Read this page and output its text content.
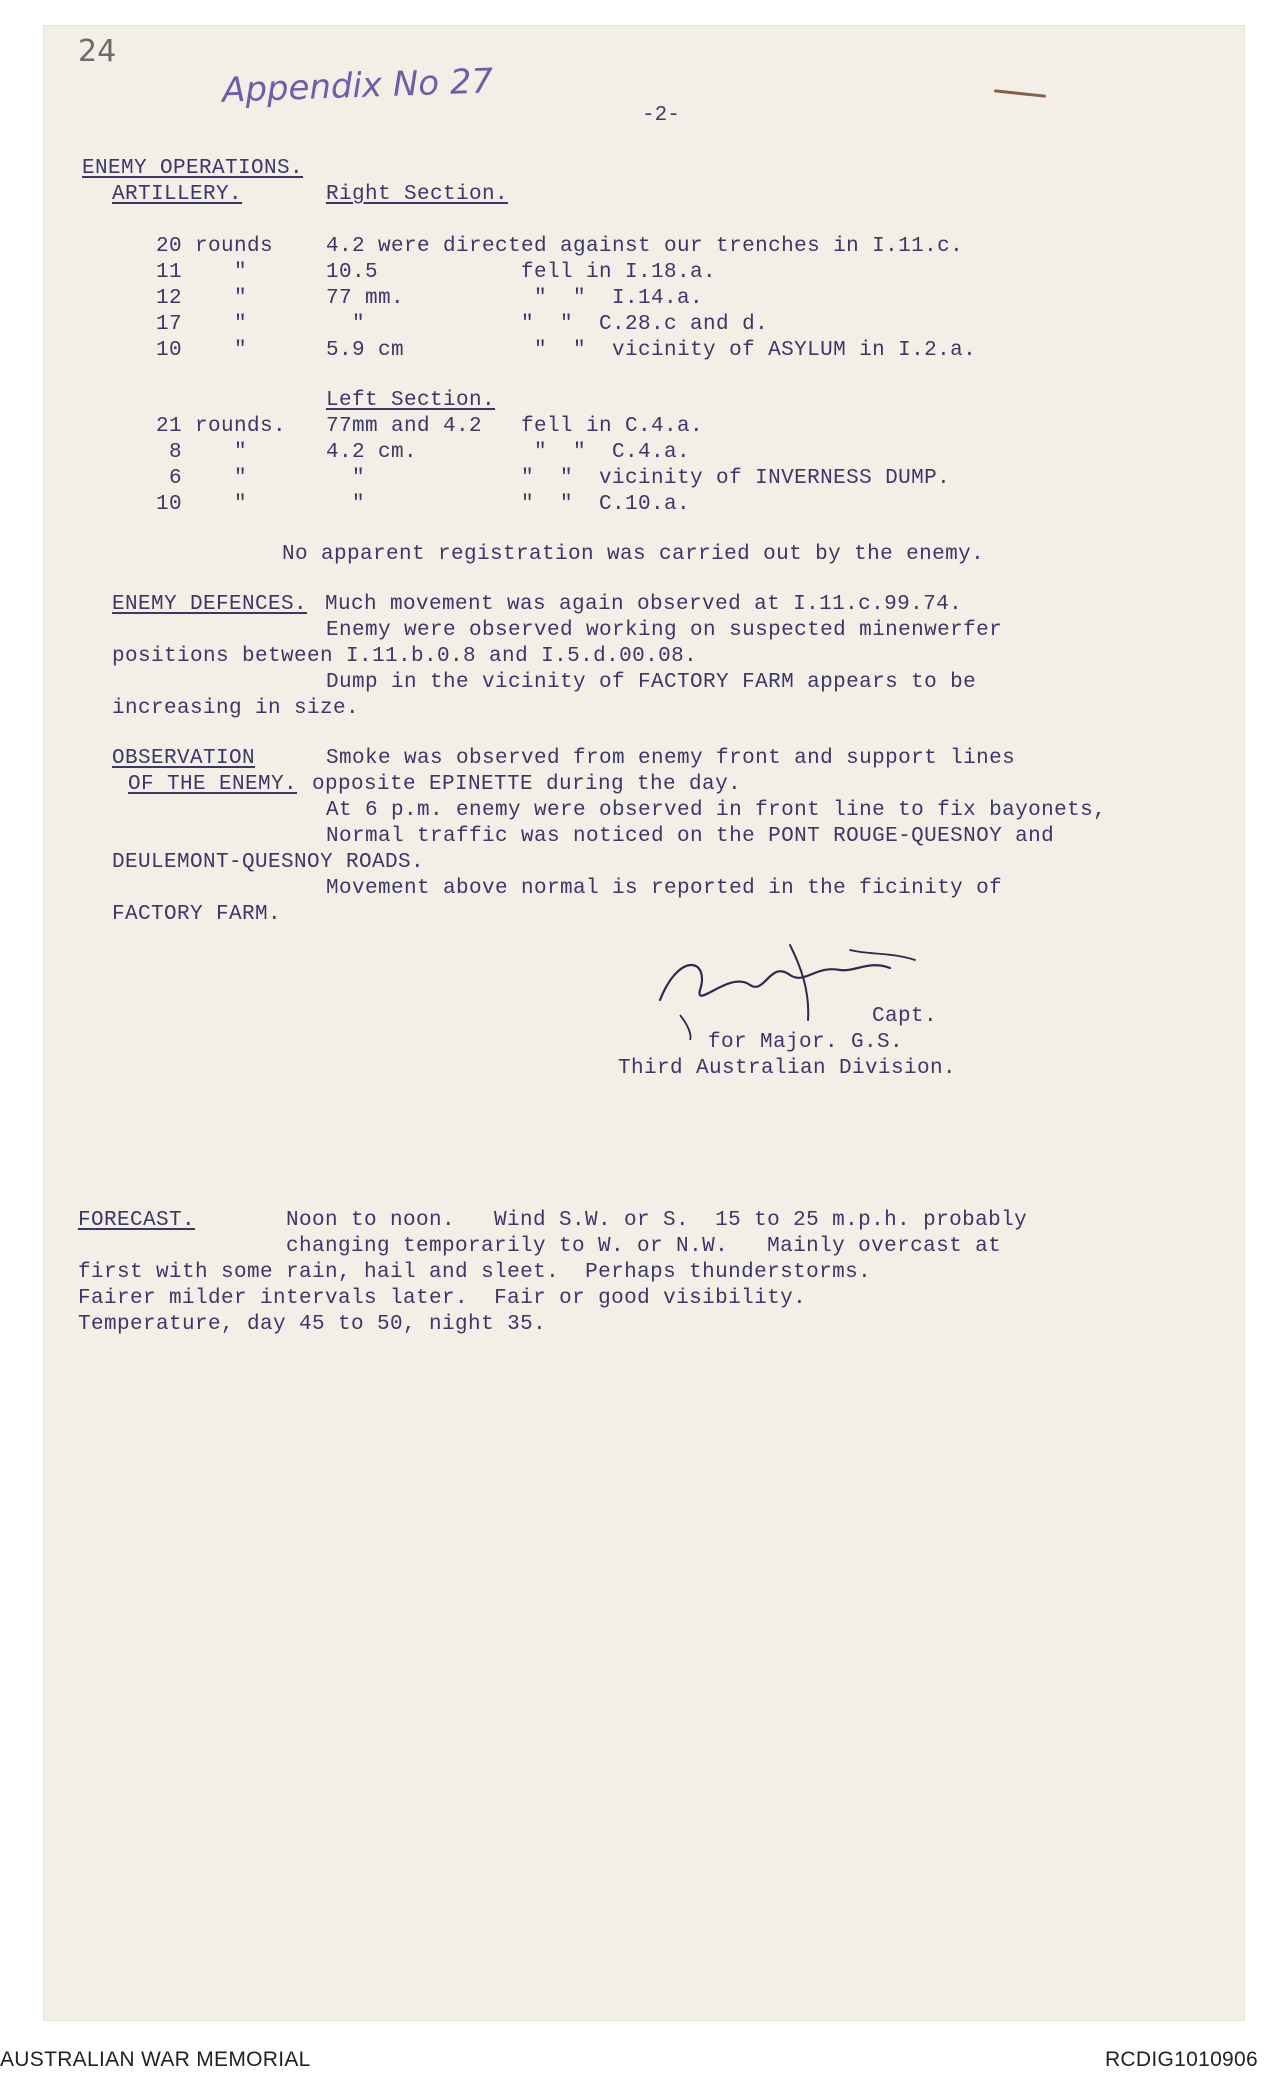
24
Appendix No 27
-2-
ENEMY OPERATIONS.
ARTILLERY.	Right Section.
20 rounds	4.2 were directed against our trenches in I.11.c.
11    "	10.5           fell in I.18.a.
12    "	77 mm.          "  "  I.14.a.
17    "	"            "  "  C.28.c and d.
10    "	5.9 cm          "  "  vicinity of ASYLUM in I.2.a.
Left Section.
21 rounds. 77mm and 4.2   fell in C.4.a.
8    "	4.2 cm.         "  "  C.4.a.
6    "	"            "  "  vicinity of INVERNESS DUMP.
10    "	"            "  "  C.10.a.
No apparent registration was carried out by the enemy.
ENEMY DEFENCES. Much movement was again observed at I.11.c.99.74.
Enemy were observed working on suspected minenwerfer
positions between I.11.b.0.8 and I.5.d.00.08.
Dump in the vicinity of FACTORY FARM appears to be
increasing in size.
OBSERVATION	Smoke was observed from enemy front and support lines
OF THE ENEMY. opposite EPINETTE during the day.
At 6 p.m. enemy were observed in front line to fix bayonets,
Normal traffic was noticed on the PONT ROUGE-QUESNOY and
DEULEMONT-QUESNOY ROADS.
Movement above normal is reported in the ficinity of
FACTORY FARM.
Capt.
for Major. G.S.
Third Australian Division.
FORECAST.	Noon to noon.   Wind S.W. or S.  15 to 25 m.p.h. probably
changing temporarily to W. or N.W.   Mainly overcast at
first with some rain, hail and sleet.  Perhaps thunderstorms.
Fairer milder intervals later.  Fair or good visibility.
Temperature, day 45 to 50, night 35.
AUSTRALIAN WAR MEMORIAL	RCDIG1010906
